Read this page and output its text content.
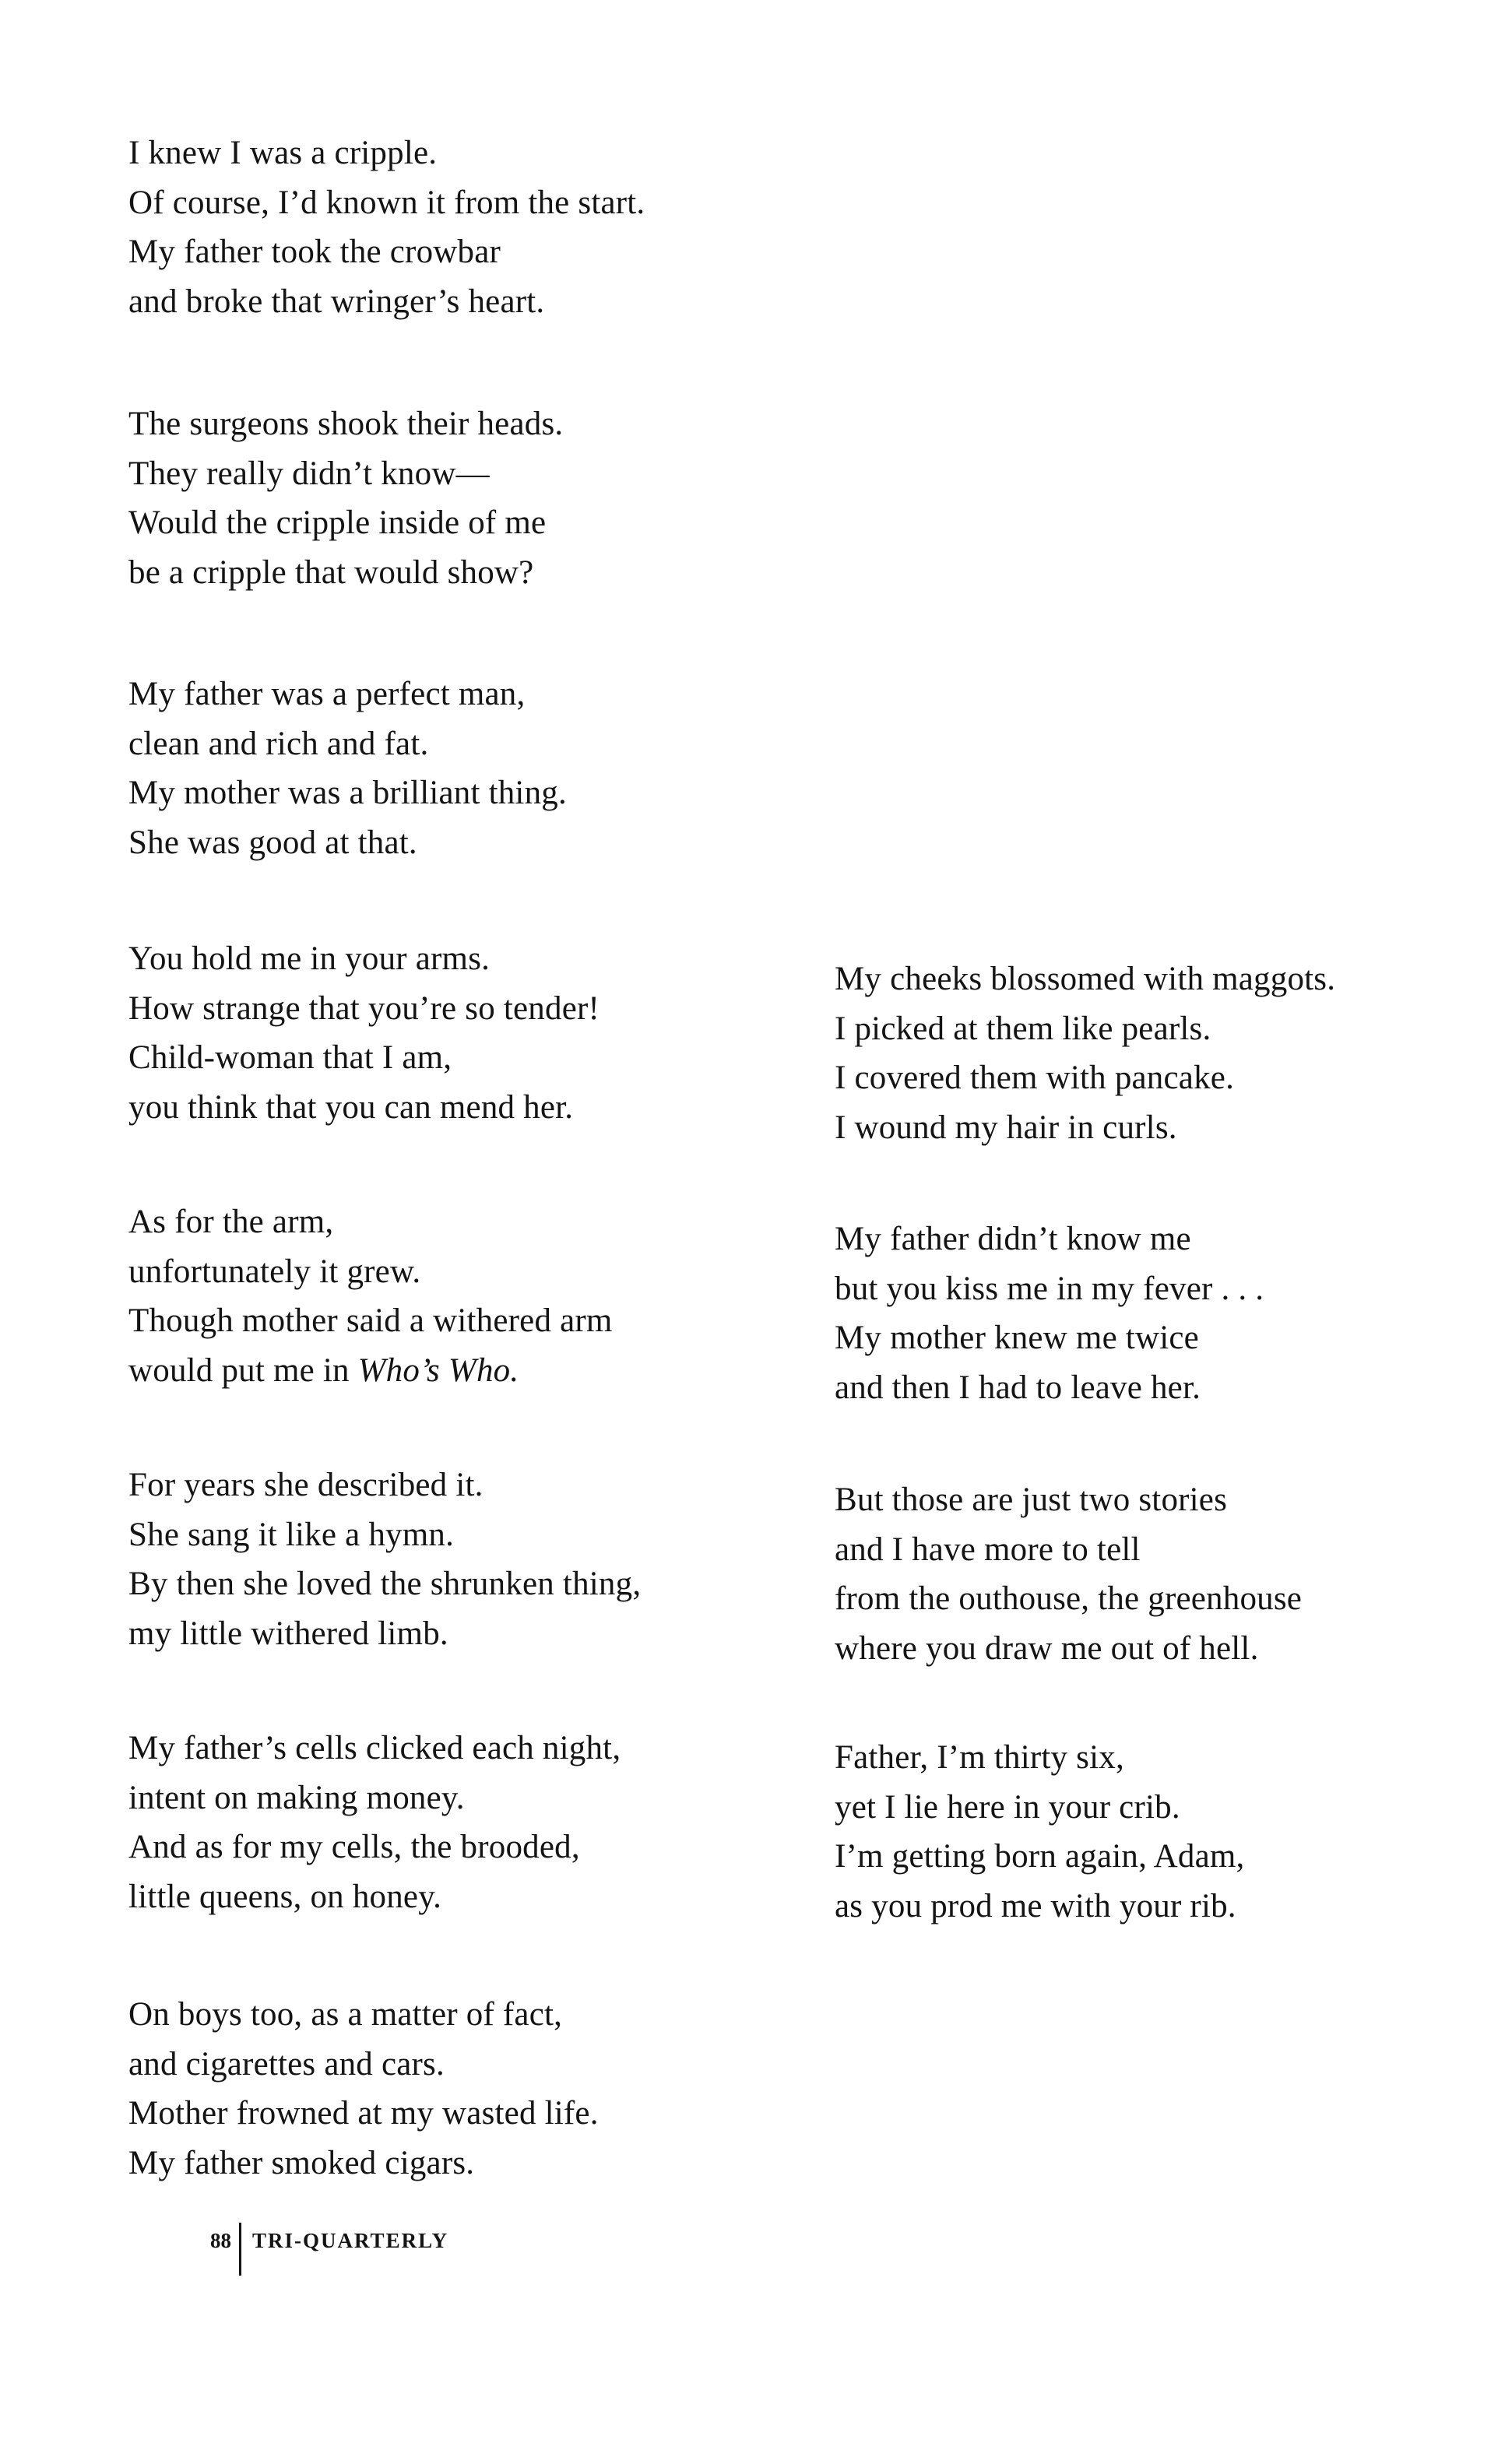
I knew I was a cripple.
Of course, I’d known it from the start.
My father took the crowbar
and broke that wringer’s heart.
The surgeons shook their heads.
They really didn’t know—
Would the cripple inside of me
be a cripple that would show?
My father was a perfect man,
clean and rich and fat.
My mother was a brilliant thing.
She was good at that.
You hold me in your arms.
How strange that you’re so tender!
Child-woman that I am,
you think that you can mend her.
As for the arm,
unfortunately it grew.
Though mother said a withered arm
would put me in Who’s Who.
For years she described it.
She sang it like a hymn.
By then she loved the shrunken thing,
my little withered limb.
My father’s cells clicked each night,
intent on making money.
And as for my cells, the brooded,
little queens, on honey.
On boys too, as a matter of fact,
and cigarettes and cars.
Mother frowned at my wasted life.
My father smoked cigars.
My cheeks blossomed with maggots.
I picked at them like pearls.
I covered them with pancake.
I wound my hair in curls.
My father didn’t know me
but you kiss me in my fever . . .
My mother knew me twice
and then I had to leave her.
But those are just two stories
and I have more to tell
from the outhouse, the greenhouse
where you draw me out of hell.
Father, I’m thirty six,
yet I lie here in your crib.
I’m getting born again, Adam,
as you prod me with your rib.
88	TRI-QUARTERLY
